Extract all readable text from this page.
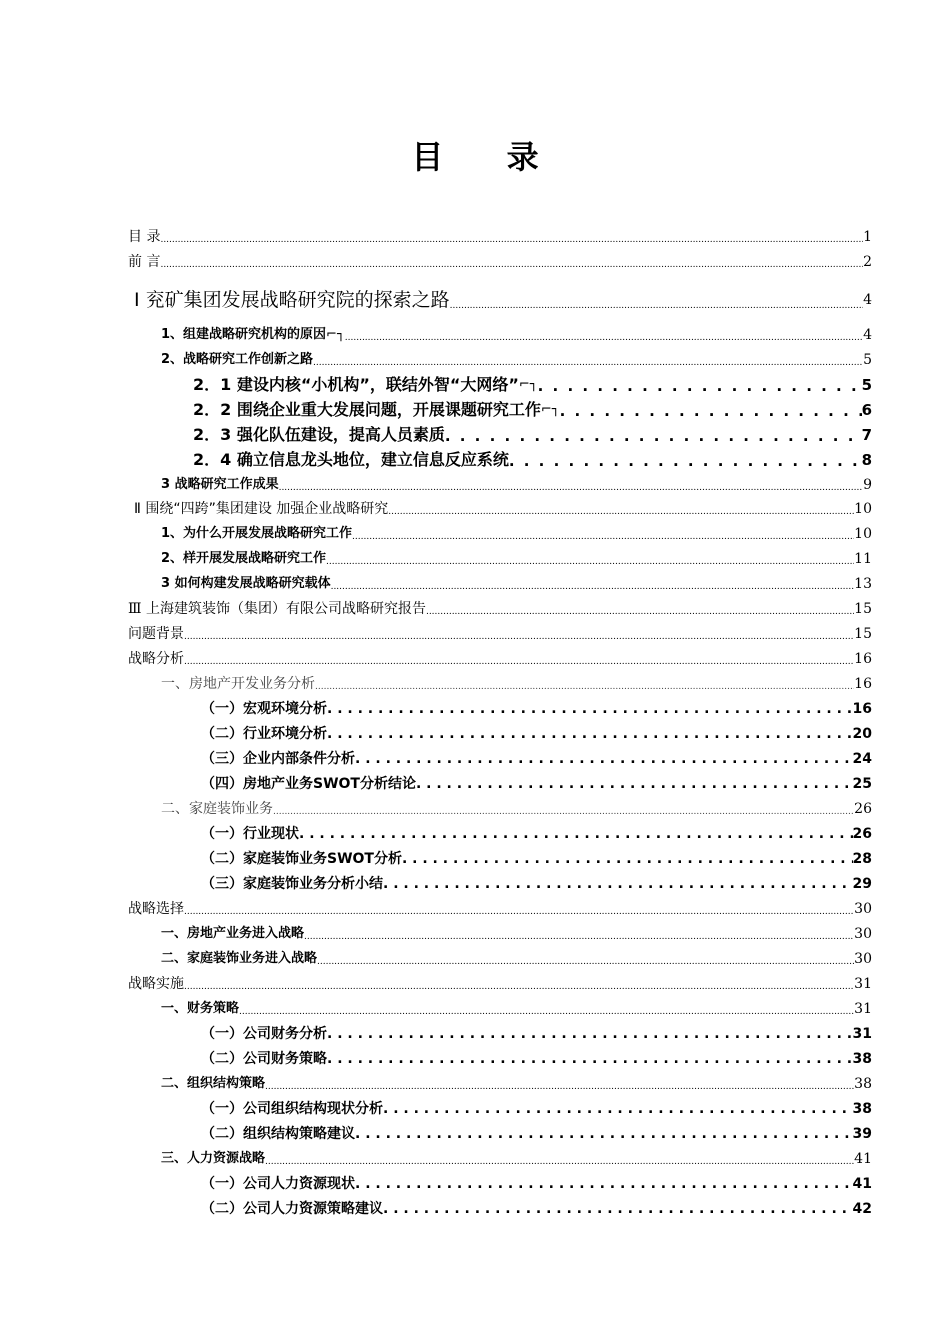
目 录
目 录 .....	1
前 言 .....	2
Ⅰ 兖矿集团发展战略研究院的探索之路 .....	4
1、组建战略研究机构的原因 ⌐┐ .....	4
2、战略研究工作创新之路 .....	5
2．1 建设内核“小机构”，联结外智“大网络” ⌐┐ . . .	5
2．2 围绕企业重大发展问题，开展课题研究工作 ⌐┐ . . .	6
2．3 强化队伍建设，提高人员素质 . . .	7
2．4 确立信息龙头地位，建立信息反应系统 . . .	8
3 战略研究工作成果 .....	9
Ⅱ 围绕“四跨”集团建设 加强企业战略研究 .....	10
1、为什么开展发展战略研究工作 .....	10
2、样开展发展战略研究工作 .....	11
3 如何构建发展战略研究载体 .....	13
Ⅲ 上海建筑装饰（集团）有限公司战略研究报告 .....	15
问题背景 .....	15
战略分析 .....	16
一、房地产开发业务分析 .....	16
（一）宏观环境分析 . . .	16
（二）行业环境分析 . . .	20
（三）企业内部条件分析 . . .	24
（四）房地产业务SWOT分析结论 . . .	25
二、家庭装饰业务 .....	26
（一）行业现状 . . .	26
（二）家庭装饰业务SWOT分析 . . .	28
（三）家庭装饰业务分析小结 . . .	29
战略选择 .....	30
一、房地产业务进入战略 .....	30
二、家庭装饰业务进入战略 .....	30
战略实施 .....	31
一、财务策略 .....	31
（一）公司财务分析 . . .	31
（二）公司财务策略 . . .	38
二、组织结构策略 .....	38
（一）公司组织结构现状分析 . . .	38
（二）组织结构策略建议 . . .	39
三、人力资源战略 .....	41
（一）公司人力资源现状 . . .	41
（二）公司人力资源策略建议 . . .	42
